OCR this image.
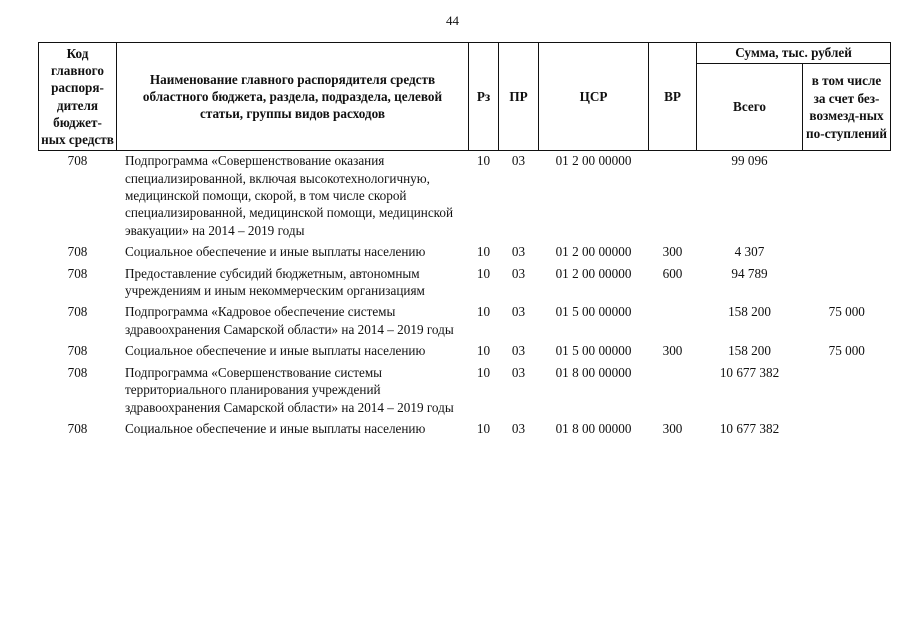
44
Код главного распоря-дителя бюджет-ных средств	Наименование главного распорядителя средств областного бюджета, раздела, подраздела, целевой статьи, группы видов расходов	Рз	ПР	ЦСР	ВР	Сумма, тыс. рублей	
						Всего	в том числе за счет без-возмезд-ных по-ступлений
708	Подпрограмма «Совершенствование оказания специализированной, включая высокотехнологичную, медицинской помощи, скорой, в том числе скорой специализированной, медицинской помощи, медицинской эвакуации» на 2014 – 2019 годы	10	03	01 2 00 00000		99 096	
708	Социальное обеспечение и иные выплаты населению	10	03	01 2 00 00000	300	4 307	
708	Предоставление субсидий бюджетным, автономным учреждениям и иным некоммерческим организациям	10	03	01 2 00 00000	600	94 789	
708	Подпрограмма «Кадровое обеспечение системы здравоохранения Самарской области» на 2014 – 2019 годы	10	03	01 5 00 00000		158 200	75 000
708	Социальное обеспечение и иные выплаты населению	10	03	01 5 00 00000	300	158 200	75 000
708	Подпрограмма «Совершенствование системы территориального планирования учреждений здравоохранения Самарской области» на 2014 – 2019 годы	10	03	01 8 00 00000		10 677 382	
708	Социальное обеспечение и иные выплаты населению	10	03	01 8 00 00000	300	10 677 382	
